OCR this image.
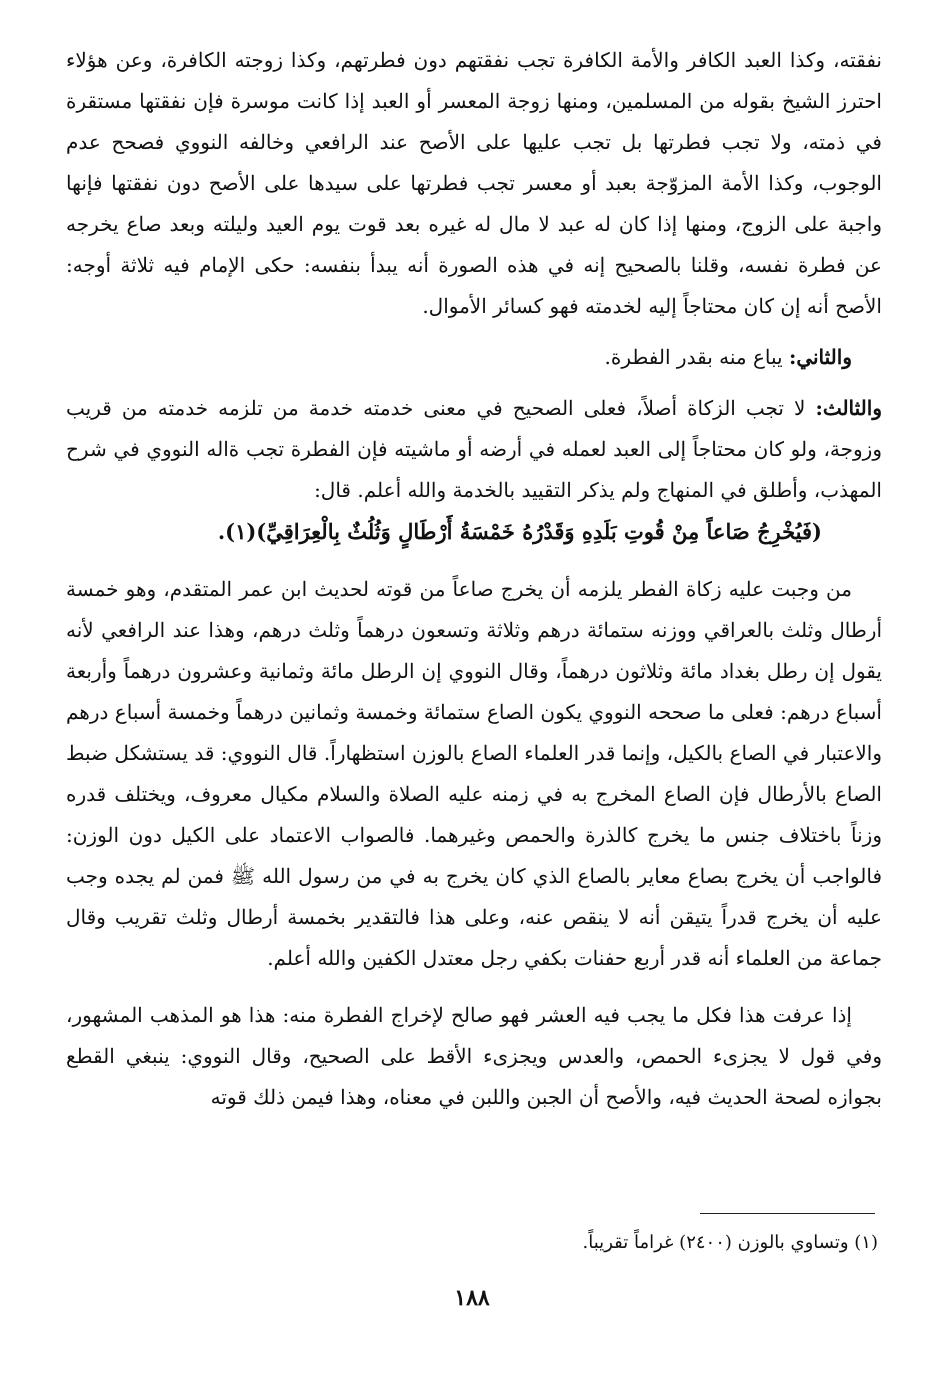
نفقته، وكذا العبد الكافر والأمة الكافرة تجب نفقتهم دون فطرتهم، وكذا زوجته الكافرة، وعن هؤلاء احترز الشيخ بقوله من المسلمين، ومنها زوجة المعسر أو العبد إذا كانت موسرة فإن نفقتها مستقرة في ذمته، ولا تجب فطرتها بل تجب عليها على الأصح عند الرافعي وخالفه النووي فصحح عدم الوجوب، وكذا الأمة المزوّجة بعبد أو معسر تجب فطرتها على سيدها على الأصح دون نفقتها فإنها واجبة على الزوج، ومنها إذا كان له عبد لا مال له غيره بعد قوت يوم العيد وليلته وبعد صاع يخرجه عن فطرة نفسه، وقلنا بالصحيح إنه في هذه الصورة أنه يبدأ بنفسه: حكى الإمام فيه ثلاثة أوجه: الأصح أنه إن كان محتاجاً إليه لخدمته فهو كسائر الأموال.

والثاني: يباع منه بقدر الفطرة.

والثالث: لا تجب الزكاة أصلاً، فعلى الصحيح في معنى خدمته خدمة من تلزمه خدمته من قريب وزوجة، ولو كان محتاجاً إلى العبد لعمله في أرضه أو ماشيته فإن الفطرة تجب ةاله النووي في شرح المهذب، وأطلق في المنهاج ولم يذكر التقييد بالخدمة والله أعلم. قال:

(فَيُخْرِجُ صَاعاً مِنْ قُوتِ بَلَدِهِ وَقَدْرُهُ خَمْسَةُ أَرْطَالٍ وَثُلُثٌ بِالْعِرَاقِيِّ)(١).

من وجبت عليه زكاة الفطر يلزمه أن يخرج صاعاً من قوته لحديث ابن عمر المتقدم، وهو خمسة أرطال وثلث بالعراقي ووزنه ستمائة درهم وثلاثة وتسعون درهماً وثلث درهم، وهذا عند الرافعي لأنه يقول إن رطل بغداد مائة وثلاثون درهماً، وقال النووي إن الرطل مائة وثمانية وعشرون درهماً وأربعة أسباع درهم: فعلى ما صححه النووي يكون الصاع ستمائة وخمسة وثمانين درهماً وخمسة أسباع درهم والاعتبار في الصاع بالكيل، وإنما قدر العلماء الصاع بالوزن استظهاراً. قال النووي: قد يستشكل ضبط الصاع بالأرطال فإن الصاع المخرج به في زمنه عليه الصلاة والسلام مكيال معروف، ويختلف قدره وزناً باختلاف جنس ما يخرج كالذرة والحمص وغيرهما. فالصواب الاعتماد على الكيل دون الوزن: فالواجب أن يخرج بصاع معاير بالصاع الذي كان يخرج به في من رسول الله ﷺ فمن لم يجده وجب عليه أن يخرج قدراً يتيقن أنه لا ينقص عنه، وعلى هذا فالتقدير بخمسة أرطال وثلث تقريب وقال جماعة من العلماء أنه قدر أربع حفنات بكفي رجل معتدل الكفين والله أعلم.

إذا عرفت هذا فكل ما يجب فيه العشر فهو صالح لإخراج الفطرة منه: هذا هو المذهب المشهور، وفي قول لا يجزىء الحمص، والعدس ويجزىء الأقط على الصحيح، وقال النووي: ينبغي القطع بجوازه لصحة الحديث فيه، والأصح أن الجبن واللبن في معناه، وهذا فيمن ذلك قوته

(١) وتساوي بالوزن (٢٤٠٠) غراماً تقريباً.
١٨٨
